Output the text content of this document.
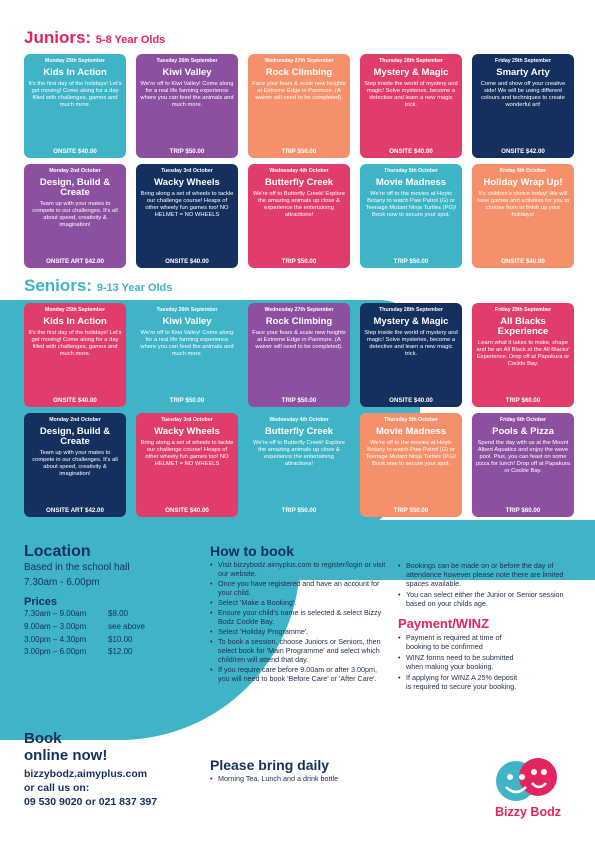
Juniors: 5-8 Year Olds
Monday 25th September
Kids In Action
It's the first day of the holidays! Let's get moving! Come along for a day filled with challenges, games and much more.
ONSITE $40.00
Tuesday 26th September
Kiwi Valley
We're off to Kiwi Valley! Come along for a real life farming experience where you can feed the animals and much more.
TRIP $50.00
Wednesday 27th September
Rock Climbing
Face your fears & scale new heights at Extreme Edge in Panmure. (A waiver will need to be completed).
TRIP $50.00
Thursday 28th September
Mystery & Magic
Step inside the world of mystery and magic! Solve mysteries, become a detective and learn a new magic trick.
ONSITE $40.00
Friday 29th September
Smarty Arty
Come and show off your creative side! We will be using different colours and techniques to create wonderful art!
ONSITE $42.00
Monday 2nd October
Design, Build & Create
Team up with your mates to compete in our challenges. It's all about speed, creativity & imagination!
ONSITE ART $42.00
Tuesday 3rd October
Wacky Wheels
Bring along a set of wheels to tackle our challenge course! Heaps of other wheely fun games too! NO HELMET = NO WHEELS
ONSITE $40.00
Wednesday 4th October
Butterfly Creek
We're off to Butterfly Creek! Explore the amazing animals up close & experience the entertaining attractions!
TRIP $50.00
Thursday 5th October
Movie Madness
We're off to the movies at Hoyts Botany to watch Paw Patrol (G) or Teenage Mutant Ninja Turtles (PG)! Book now to secure your spot.
TRIP $50.00
Friday 6th October
Holiday Wrap Up!
It's children's choice today! We will have games and activities for you to choose from to finish up your holidays!
ONSITE $40.00
Seniors: 9-13 Year Olds
Monday 25th September
Kids In Action
It's the first day of the holidays! Let's get moving! Come along for a day filled with challenges, games and much more.
ONSITE $40.00
Tuesday 26th September
Kiwi Valley
We're off to Kiwi Valley! Come along for a real life farming experience where you can feed the animals and much more.
TRIP $50.00
Wednesday 27th September
Rock Climbing
Face your fears & scale new heights at Extreme Edge in Panmure. (A waiver will need to be completed).
TRIP $50.00
Thursday 28th September
Mystery & Magic
Step inside the world of mystery and magic! Solve mysteries, become a detective and learn a new magic trick.
ONSITE $40.00
Friday 29th September
All Blacks Experience
Learn what it takes to make, shape and be an All Black at the All Blacks' Experience. Drop off at Papakura or Cockle Bay.
TRIP $60.00
Monday 2nd October
Design, Build & Create
Team up with your mates to compete in our challenges. It's all about speed, creativity & imagination!
ONSITE ART $42.00
Tuesday 3rd October
Wacky Wheels
Bring along a set of wheels to tackle our challenge course! Heaps of other wheely fun games too! NO HELMET = NO WHEELS
ONSITE $40.00
Wednesday 4th October
Butterfly Creek
We're off to Butterfly Creek! Explore the amazing animals up close & experience the entertaining attractions!
TRIP $50.00
Thursday 5th October
Movie Madness
We're off to the movies at Hoyts Botany to watch Paw Patrol (G) or Teenage Mutant Ninja Turtles (PG)! Book now to secure your spot.
TRIP $50.00
Friday 6th October
Pools & Pizza
Spend the day with us at the Mount Albert Aquatics and enjoy the wave pool. Plus, you can feast on some pizza for lunch! Drop off at Papakura or Cockle Bay.
TRIP $60.00
Location

Based in the school hall

7.30am - 6.00pm

Prices
7.30am – 9.00am	$8.00
9.00am – 3.00pm	see above
3.00pm – 4.30pm	$10.00
3.00pm – 6.00pm	$12.00
Book
online now!
bizzybodz.aimyplus.com
or call us on:
09 530 9020 or 021 837 397
How to book
• Visit bizzybodz.aimyplus.com to register/login or visit our website.
• Once you have registered and have an account for your child.
• Select 'Make a Booking'.
• Ensure your child's name is selected & select Bizzy Bodz Cockle Bay.
• Select 'Holiday Programme'.
• To book a session, choose Juniors or Seniors, then select book for 'Main Programme' and select which child/ren will attend that day.
• If you require care before 9.00am or after 3.00pm, you will need to book 'Before Care' or 'After Care'.
Please bring daily
• Morning Tea, Lunch and a drink bottle
Bookings
• Bookings can be made on or before the day of attendance however please note there are limited spaces available.
• You can select either the Junior or Senior session based on your childs age.
Payment/WINZ
• Payment is required at time of booking to be confirmed
• WINZ forms need to be submitted when making your booking.
• If applying for WINZ A 25% deposit is required to secure your booking.
Bizzy Bodz
